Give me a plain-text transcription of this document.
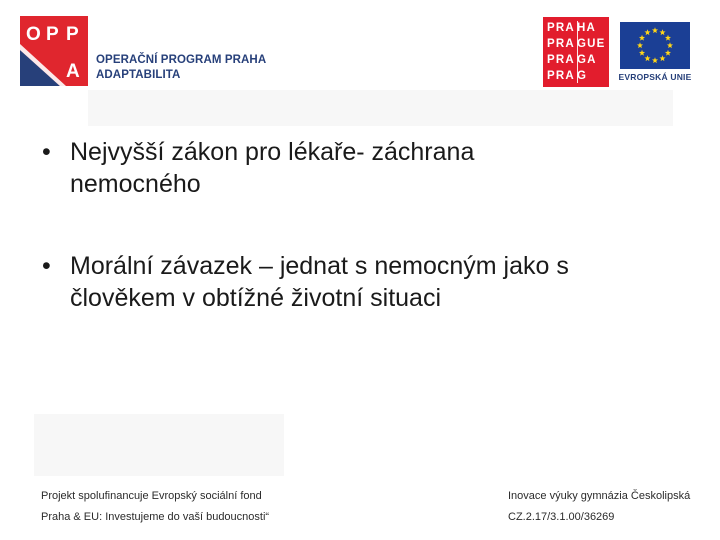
O P P
A
OPERAČNÍ PROGRAM PRAHA
ADAPTABILITA
PRA HA
PRA GUE
PRA GA
PRA G	EVROPSKÁ UNIE
• Nejvyšší zákon pro lékaře- záchrana
nemocného
• Morální závazek – jednat s nemocným jako s
člověkem v obtížné životní situaci
Projekt spolufinancuje Evropský sociální fond
Praha & EU: Investujeme do vaší budoucnosti“
Inovace výuky gymnázia Českolipská
CZ.2.17/3.1.00/36269
